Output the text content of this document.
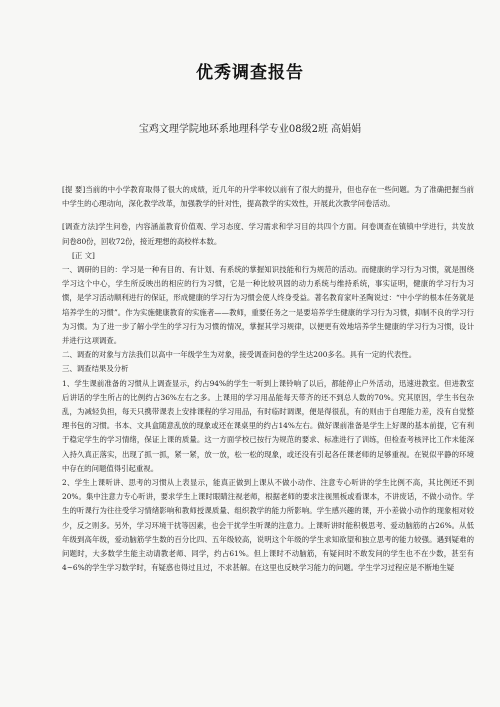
优秀调查报告
宝鸡文理学院地环系地理科学专业08级2班 高娟娟

[提 要]当前的中小学教育取得了很大的成绩，近几年的升学率较以前有了很大的提升，但也存在一些问题。为了准确把握当前中学生的心理动向，深化教学改革，加强教学的针对性，提高教学的实效性，开展此次教学问卷活动。

[调查方法]学生问卷，内容涵盖教育价值观、学习态度、学习需求和学习目的共四个方面。问卷调查在镇镇中学进行，共发放问卷80份，回收72份，接近理想的高校样本数。

[正 文]

一、调研的目的：学习是一种有目的、有计划、有系统的掌握知识技能和行为规范的活动。而健康的学习行为习惯，就是围绕学习这个中心，学生所反映出的相应的行为习惯，它是一种比较巩固的动力系统与维持系统，事实证明，健康的学习行为习惯，是学习活动顺利进行的保证，形成健康的学习行为习惯会使人终身受益。著名教育家叶圣陶说过：“中小学的根本任务就是培养学生的习惯”。作为实施健康教育的实施者——教师，重要任务之一是要培养学生健康的学习行为习惯，抑制不良的学习行为习惯。为了进一步了解小学生的学习行为习惯的情况，掌握其学习规律，以便更有效地培养学生健康的学习行为习惯，设计并进行这项调查。

二、调查的对象与方法我们以高中一年级学生为对象，接受调查问卷的学生达200多名。具有一定的代表性。

三、调查结果及分析

1、学生课前准备的习惯从上调查显示，约占94%的学生一听到上课铃响了以后，都能停止户外活动，迅速进教室。但进教室后讲话的学生所占的比例约占36%左右之多。上课用的学习用品能每天带齐的还不到总人数的70%。究其原因，学生书包杂乱，为减轻负担，每天只携带课表上安排课程的学习用品，有时临时调课，便是得很乱，有的则由于自理能力差，没有自觉整理书包的习惯。书本、文具盒随意乱放的现象或还在课桌里的约占14%左右。做好课前准备是学生上好课的基本前提，它有利于稳定学生的学习情绪，保证上课的质量。这一方面学校已按行为规范的要求、标准进行了训练，但检查考核评比工作未能深入持久真正落实，出现了抓一抓，紧一紧，放一放，松一松的现象，或还没有引起各任课老师的足够重视。在锐似平静的环境中存在的问题值得引起重视。

2、学生上课听讲、思考的习惯从上表显示，能真正做到上课从不做小动作、注意专心听讲的学生比例不高，其比例还不到20%。集中注意力专心听讲，要求学生上课时眼睛注视老师，根据老师的要求注视黑板或看课本，不讲废话，不做小动作。学生的听课行为往往受学习情绪影响和教师授课质量、组织教学的能力所影响。学生感兴趣的课，开小差做小动作的现象相对较少，反之则多。另外，学习环境干扰等因素，也会干扰学生听课的注意力。上课听讲时能积极思考、爱动脑筋的占26%。从低年级到高年级，爱动脑筋学生数的百分比四、五年级较高，说明这个年级的学生求知欲望和独立思考的能力较强。遇到疑难的问题时，大多数学生能主动请教老师、同学，约占61%。但上课时不动脑筋，有疑问时不敢发问的学生也不在少数，甚至有4~6%的学生学习数学时，有疑惑也得过且过，不求甚解。在这里也反映学习能力的问题。学生学习过程应是不断地生疑
